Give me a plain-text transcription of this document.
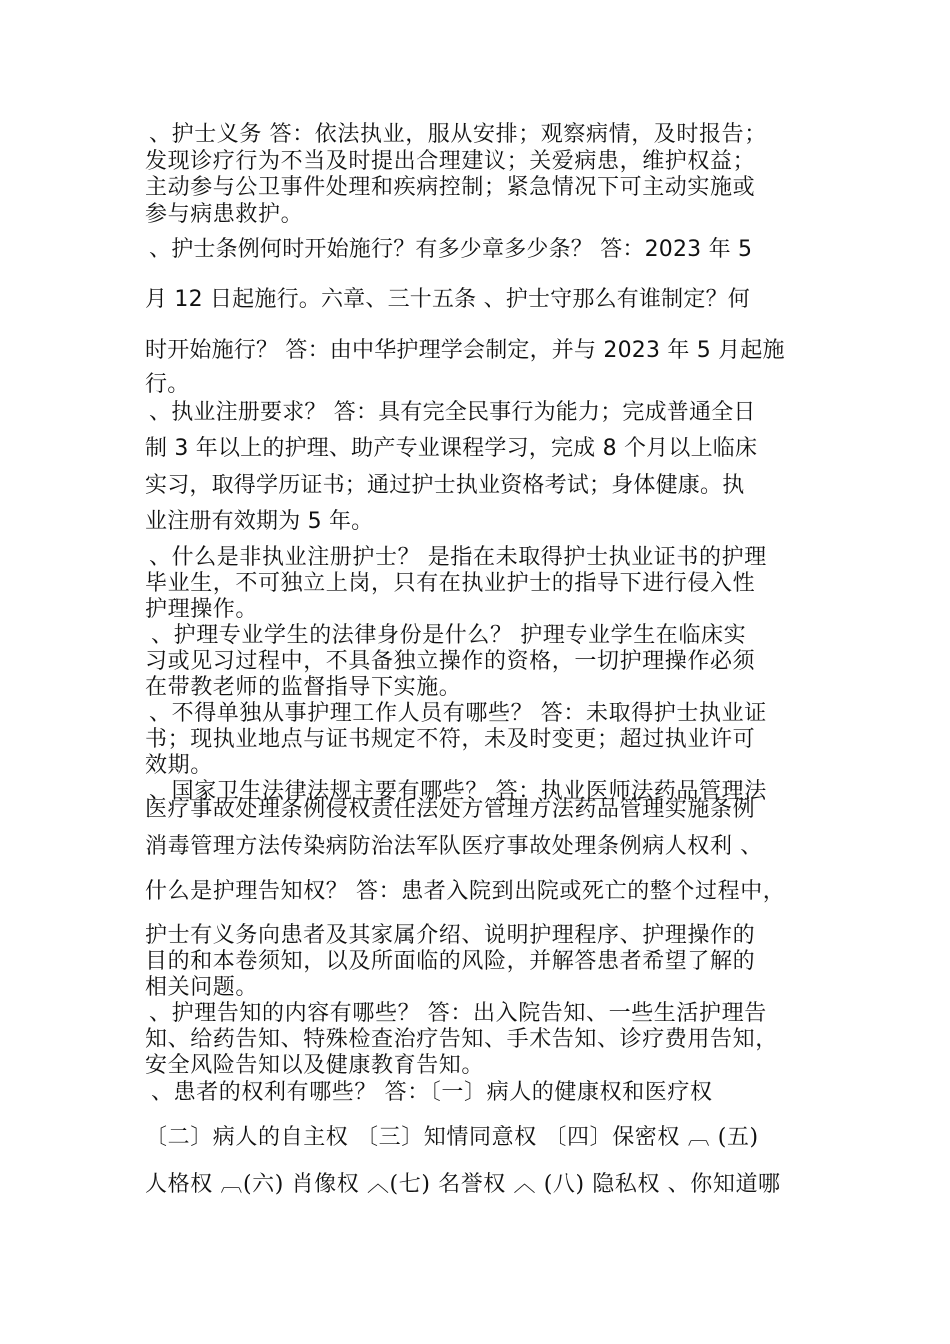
、护士义务 答：依法执业，服从安排；观察病情，及时报告；
发现诊疗行为不当及时提出合理建议；关爱病患，维护权益；
主动参与公卫事件处理和疾病控制；紧急情况下可主动实施或
参与病患救护。
、护士条例何时开始施行？有多少章多少条？ 答：2023 年 5
月 12 日起施行。六章、三十五条 、护士守那么有谁制定？何
时开始施行？ 答：由中华护理学会制定，并与 2023 年 5 月起施
行。
、执业注册要求？ 答：具有完全民事行为能力；完成普通全日
制 3 年以上的护理、助产专业课程学习，完成 8 个月以上临床
实习，取得学历证书；通过护士执业资格考试；身体健康。执
业注册有效期为 5 年。
、什么是非执业注册护士？ 是指在未取得护士执业证书的护理
毕业生，不可独立上岗，只有在执业护士的指导下进行侵入性
护理操作。
、护理专业学生的法律身份是什么？ 护理专业学生在临床实
习或见习过程中，不具备独立操作的资格，一切护理操作必须
在带教老师的监督指导下实施。
、不得单独从事护理工作人员有哪些？ 答：未取得护士执业证
书；现执业地点与证书规定不符，未及时变更；超过执业许可
效期。
、国家卫生法律法规主要有哪些？ 答：执业医师法药品管理法
医疗事故处理条例侵权责任法处方管理方法药品管理实施条例
消毒管理方法传染病防治法军队医疗事故处理条例病人权利 、
什么是护理告知权？ 答：患者入院到出院或死亡的整个过程中，
护士有义务向患者及其家属介绍、说明护理程序、护理操作的
目的和本卷须知，以及所面临的风险，并解答患者希望了解的
相关问题。
、护理告知的内容有哪些？ 答：出入院告知、一些生活护理告
知、给药告知、特殊检查治疗告知、手术告知、诊疗费用告知，
安全风险告知以及健康教育告知。
、患者的权利有哪些？ 答：〔一〕病人的健康权和医疗权
〔二〕病人的自主权 〔三〕知情同意权 〔四〕保密权 ︹ (五)
人格权 ︹(六) 肖像权 ︿(七) 名誉权 ︿ (八) 隐私权 、你知道哪
